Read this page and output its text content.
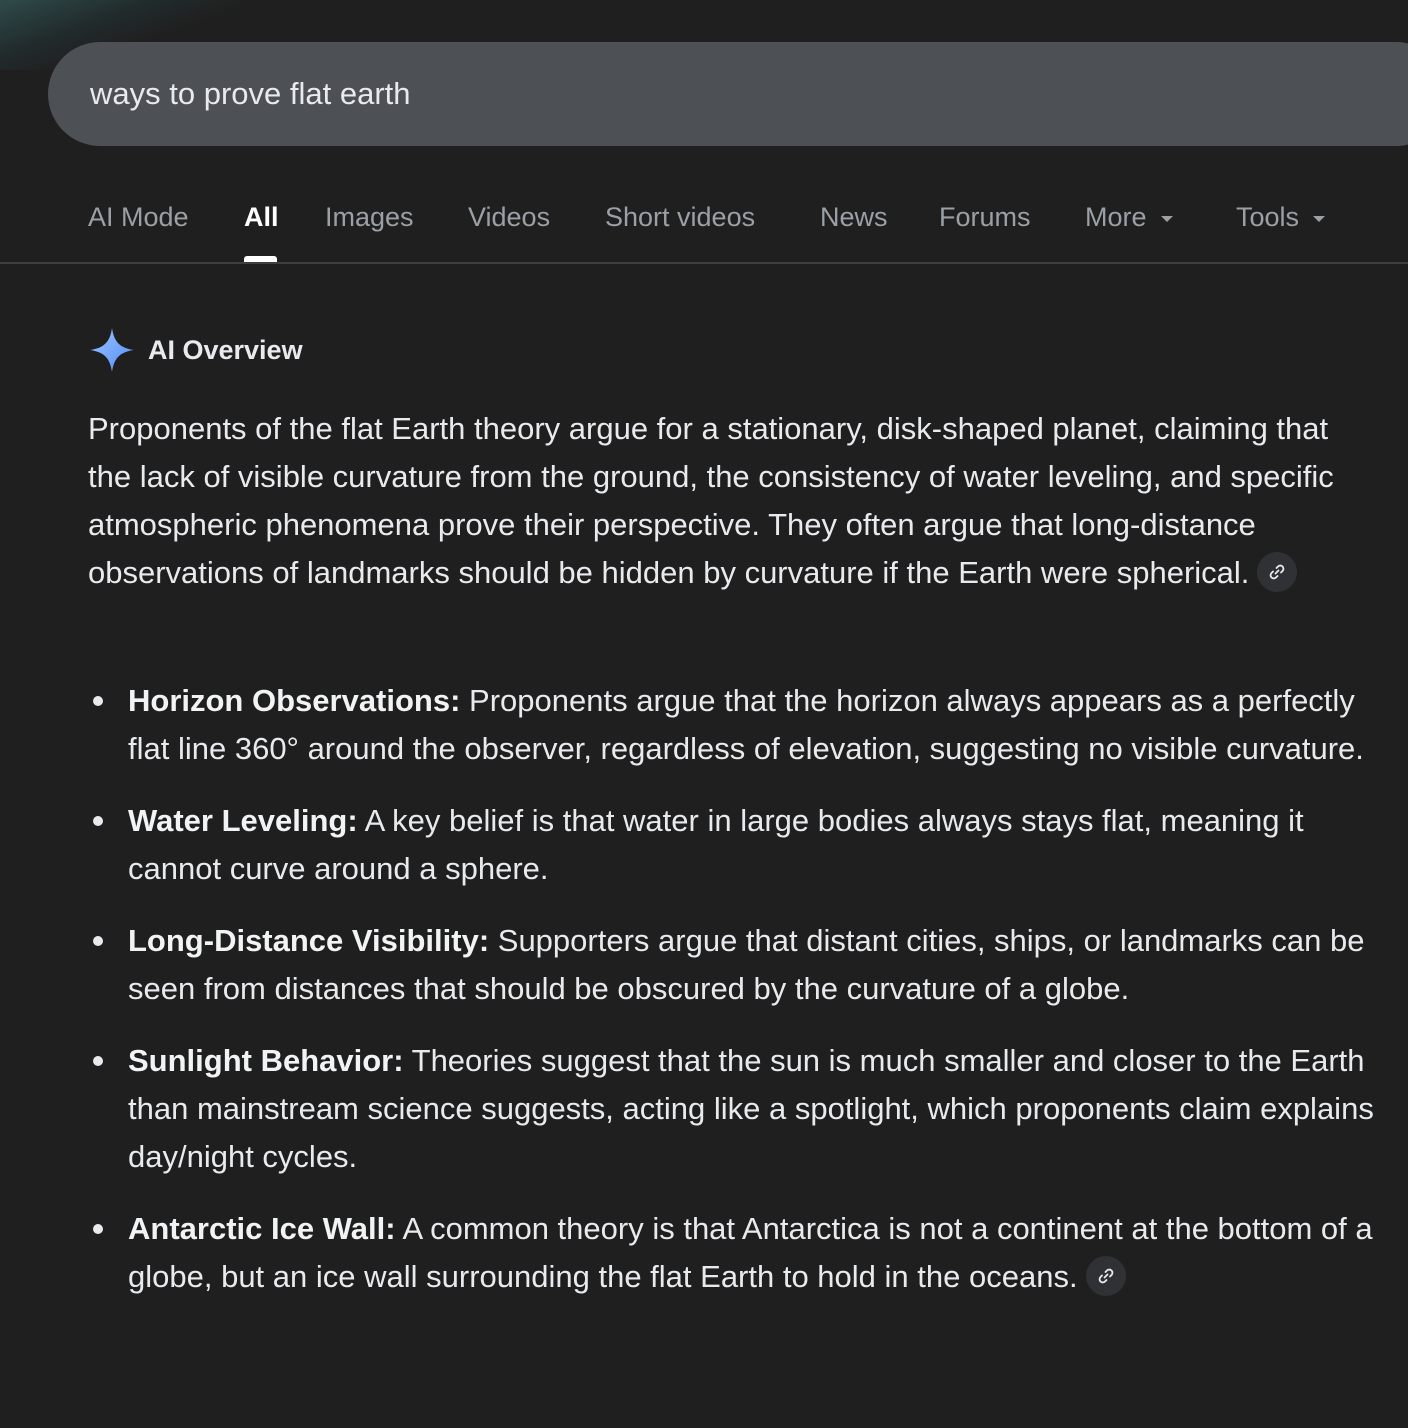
ways to prove flat earth
AI Mode All Images Videos Short videos News Forums More	Tools
AI Overview

Proponents of the flat Earth theory argue for a stationary, disk-shaped planet, claiming that the lack of visible curvature from the ground, the consistency of water leveling, and specific atmospheric phenomena prove their perspective. They often argue that long-distance observations of landmarks should be hidden by curvature if the Earth were spherical.

Horizon Observations: Proponents argue that the horizon always appears as a perfectly flat line 360° around the observer, regardless of elevation, suggesting no visible curvature.
Water Leveling: A key belief is that water in large bodies always stays flat, meaning it cannot curve around a sphere.
Long-Distance Visibility: Supporters argue that distant cities, ships, or landmarks can be seen from distances that should be obscured by the curvature of a globe.
Sunlight Behavior: Theories suggest that the sun is much smaller and closer to the Earth than mainstream science suggests, acting like a spotlight, which proponents claim explains day/night cycles.
Antarctic Ice Wall: A common theory is that Antarctica is not a continent at the bottom of a globe, but an ice wall surrounding the flat Earth to hold in the oceans.
